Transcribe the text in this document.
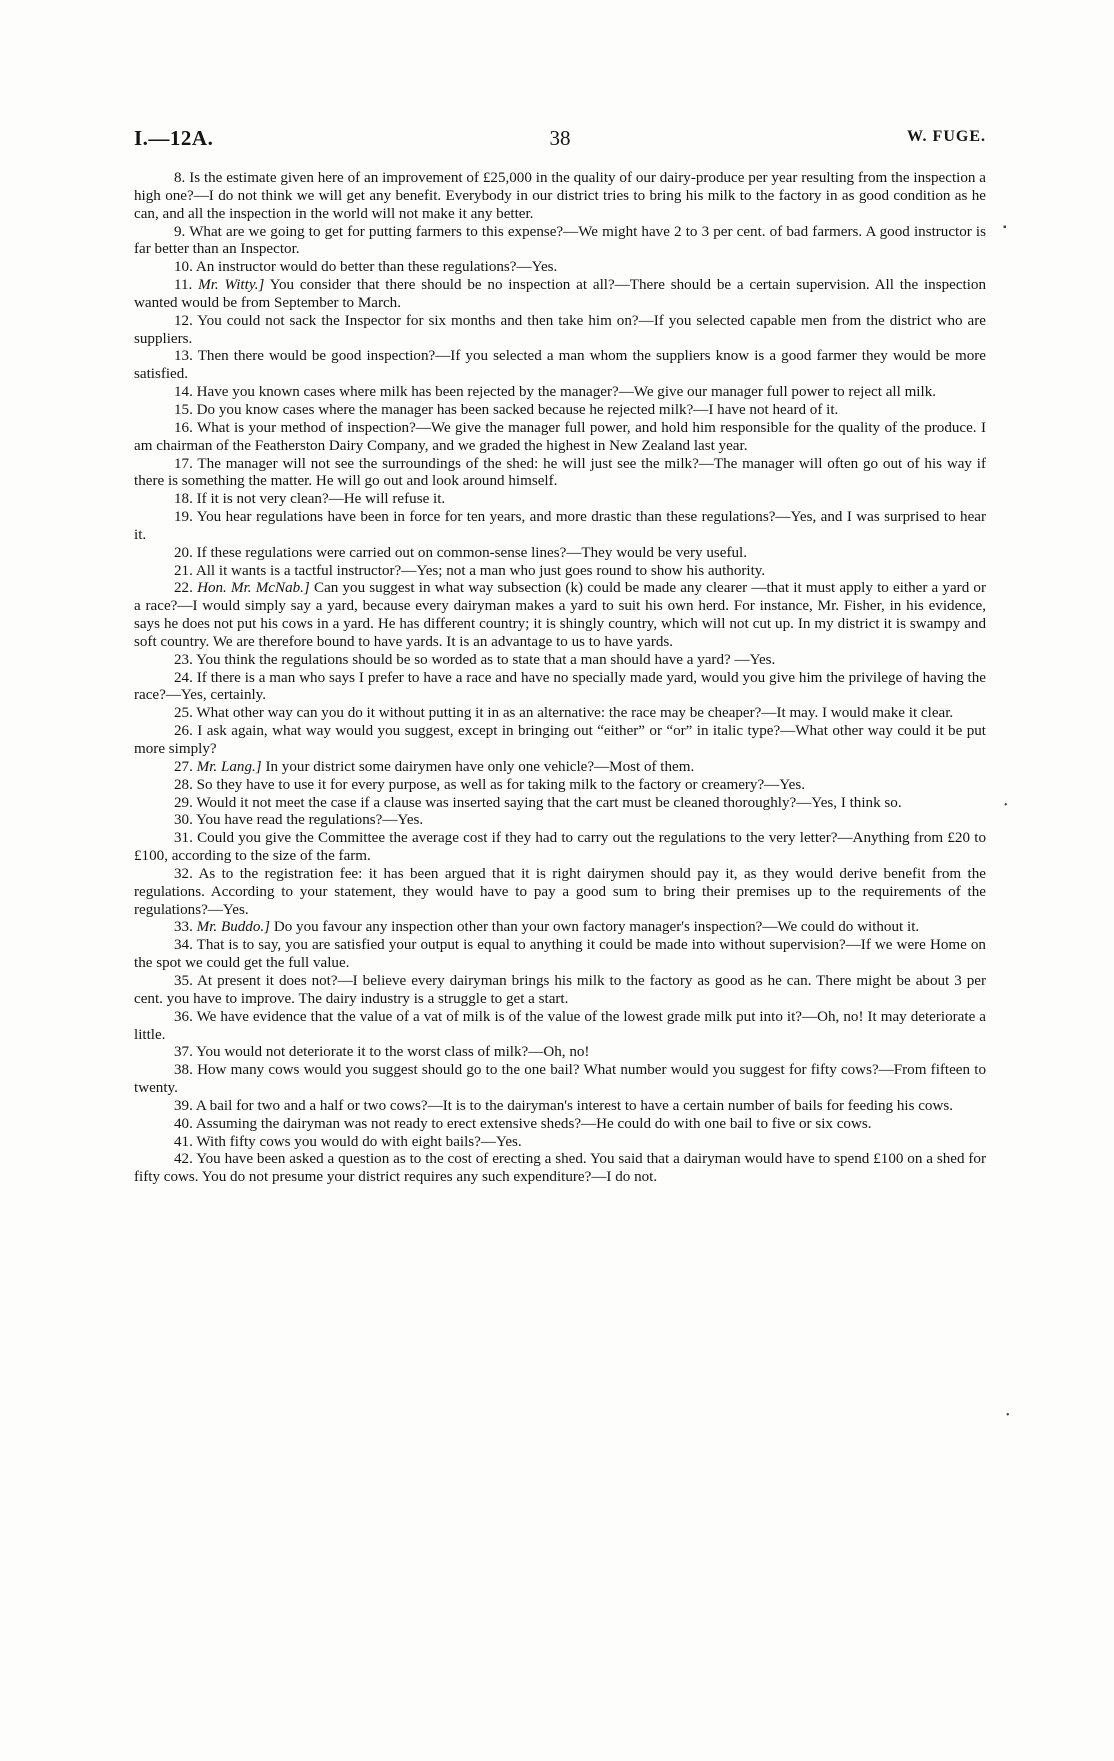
I.—12A.	38	W. FUGE.

8. Is the estimate given here of an improvement of £25,000 in the quality of our dairy-produce per year resulting from the inspection a high one?—I do not think we will get any benefit. Everybody in our district tries to bring his milk to the factory in as good condition as he can, and all the inspection in the world will not make it any better.

9. What are we going to get for putting farmers to this expense?—We might have 2 to 3 per cent. of bad farmers. A good instructor is far better than an Inspector.

10. An instructor would do better than these regulations?—Yes.

11. Mr. Witty.] You consider that there should be no inspection at all?—There should be a certain supervision. All the inspection wanted would be from September to March.

12. You could not sack the Inspector for six months and then take him on?—If you selected capable men from the district who are suppliers.

13. Then there would be good inspection?—If you selected a man whom the suppliers know is a good farmer they would be more satisfied.

14. Have you known cases where milk has been rejected by the manager?—We give our manager full power to reject all milk.

15. Do you know cases where the manager has been sacked because he rejected milk?—I have not heard of it.

16. What is your method of inspection?—We give the manager full power, and hold him responsible for the quality of the produce. I am chairman of the Featherston Dairy Company, and we graded the highest in New Zealand last year.

17. The manager will not see the surroundings of the shed: he will just see the milk?—The manager will often go out of his way if there is something the matter. He will go out and look around himself.

18. If it is not very clean?—He will refuse it.

19. You hear regulations have been in force for ten years, and more drastic than these regulations?—Yes, and I was surprised to hear it.

20. If these regulations were carried out on common-sense lines?—They would be very useful.

21. All it wants is a tactful instructor?—Yes; not a man who just goes round to show his authority.

22. Hon. Mr. McNab.] Can you suggest in what way subsection (k) could be made any clearer —that it must apply to either a yard or a race?—I would simply say a yard, because every dairyman makes a yard to suit his own herd. For instance, Mr. Fisher, in his evidence, says he does not put his cows in a yard. He has different country; it is shingly country, which will not cut up. In my district it is swampy and soft country. We are therefore bound to have yards. It is an advantage to us to have yards.

23. You think the regulations should be so worded as to state that a man should have a yard? —Yes.

24. If there is a man who says I prefer to have a race and have no specially made yard, would you give him the privilege of having the race?—Yes, certainly.

25. What other way can you do it without putting it in as an alternative: the race may be cheaper?—It may. I would make it clear.

26. I ask again, what way would you suggest, except in bringing out “either” or “or” in italic type?—What other way could it be put more simply?

27. Mr. Lang.] In your district some dairymen have only one vehicle?—Most of them.

28. So they have to use it for every purpose, as well as for taking milk to the factory or creamery?—Yes.

29. Would it not meet the case if a clause was inserted saying that the cart must be cleaned thoroughly?—Yes, I think so.

30. You have read the regulations?—Yes.

31. Could you give the Committee the average cost if they had to carry out the regulations to the very letter?—Anything from £20 to £100, according to the size of the farm.

32. As to the registration fee: it has been argued that it is right dairymen should pay it, as they would derive benefit from the regulations. According to your statement, they would have to pay a good sum to bring their premises up to the requirements of the regulations?—Yes.

33. Mr. Buddo.] Do you favour any inspection other than your own factory manager's inspection?—We could do without it.

34. That is to say, you are satisfied your output is equal to anything it could be made into without supervision?—If we were Home on the spot we could get the full value.

35. At present it does not?—I believe every dairyman brings his milk to the factory as good as he can. There might be about 3 per cent. you have to improve. The dairy industry is a struggle to get a start.

36. We have evidence that the value of a vat of milk is of the value of the lowest grade milk put into it?—Oh, no! It may deteriorate a little.

37. You would not deteriorate it to the worst class of milk?—Oh, no!

38. How many cows would you suggest should go to the one bail? What number would you suggest for fifty cows?—From fifteen to twenty.

39. A bail for two and a half or two cows?—It is to the dairyman's interest to have a certain number of bails for feeding his cows.

40. Assuming the dairyman was not ready to erect extensive sheds?—He could do with one bail to five or six cows.

41. With fifty cows you would do with eight bails?—Yes.

42. You have been asked a question as to the cost of erecting a shed. You said that a dairyman would have to spend £100 on a shed for fifty cows. You do not presume your district requires any such expenditure?—I do not.

▪
•
•
